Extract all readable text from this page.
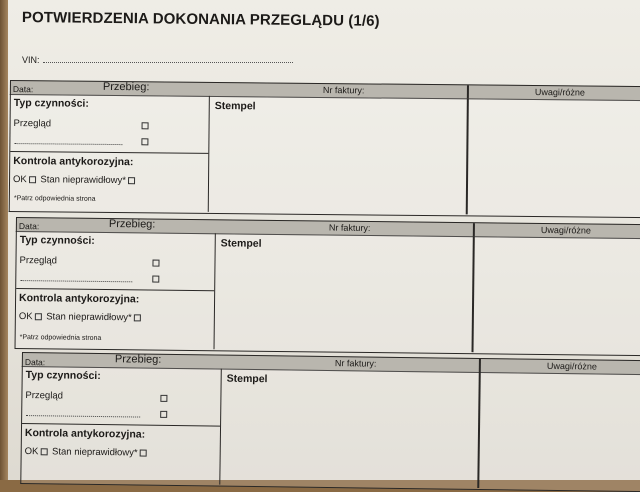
POTWIERDZENIA DOKONANIA PRZEGLĄDU (1/6)
VIN:
Data:	Przebieg:	Nr faktury:	Uwagi/różne
Typ czynności:
Przegląd
Kontrola antykorozyjna:
OK Stan nieprawidłowy*
*Patrz odpowiednia strona
Stempel
Data:	Przebieg:	Nr faktury:	Uwagi/różne
Typ czynności:
Przegląd
Kontrola antykorozyjna:
OK Stan nieprawidłowy*
*Patrz odpowiednia strona
Stempel
Data:	Przebieg:	Nr faktury:	Uwagi/różne
Typ czynności:
Przegląd
Kontrola antykorozyjna:
OK Stan nieprawidłowy*
Stempel
